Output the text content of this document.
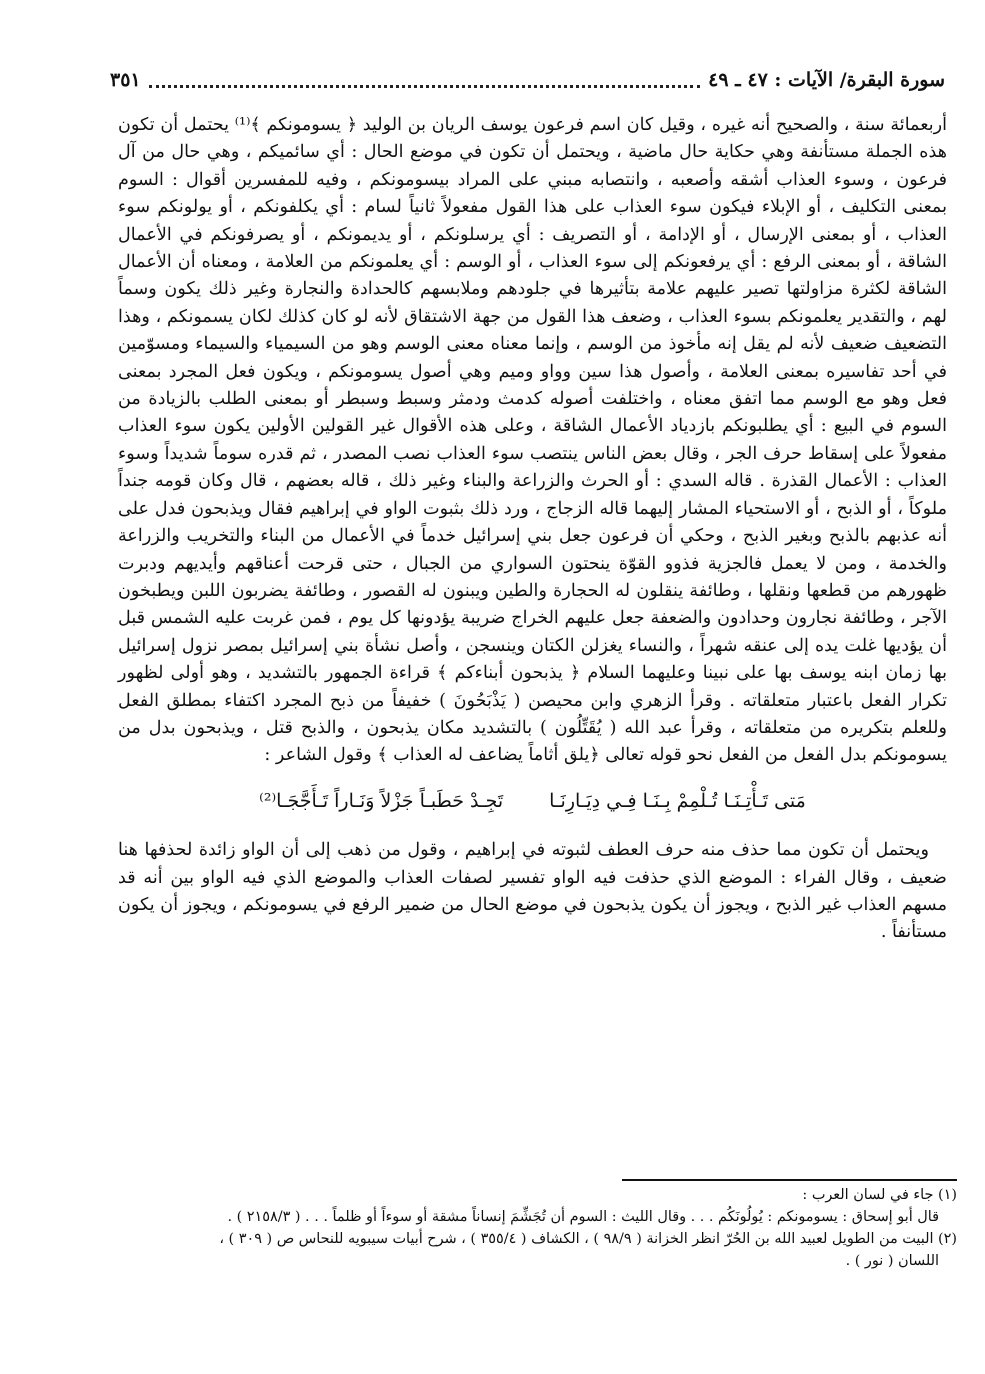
سورة البقرة/ الآيات : ٤٧ ـ ٤٩
٣٥١

أربعمائة سنة ، والصحيح أنه غيره ، وقيل كان اسم فرعون يوسف الريان بن الوليد ﴿ يسومونكم ﴾⁽¹⁾ يحتمل أن تكون هذه الجملة مستأنفة وهي حكاية حال ماضية ، ويحتمل أن تكون في موضع الحال : أي سائميكم ، وهي حال من آل فرعون ، وسوء العذاب أشقه وأصعبه ، وانتصابه مبني على المراد بيسومونكم ، وفيه للمفسرين أقوال : السوم بمعنى التكليف ، أو الإبلاء فيكون سوء العذاب على هذا القول مفعولاً ثانياً لسام : أي يكلفونكم ، أو يولونكم سوء العذاب ، أو بمعنى الإرسال ، أو الإدامة ، أو التصريف : أي يرسلونكم ، أو يديمونكم ، أو يصرفونكم في الأعمال الشاقة ، أو بمعنى الرفع : أي يرفعونكم إلى سوء العذاب ، أو الوسم : أي يعلمونكم من العلامة ، ومعناه أن الأعمال الشاقة لكثرة مزاولتها تصير عليهم علامة بتأثيرها في جلودهم وملابسهم كالحدادة والنجارة وغير ذلك يكون وسماً لهم ، والتقدير يعلمونكم بسوء العذاب ، وضعف هذا القول من جهة الاشتقاق لأنه لو كان كذلك لكان يسمونكم ، وهذا التضعيف ضعيف لأنه لم يقل إنه مأخوذ من الوسم ، وإنما معناه معنى الوسم وهو من السيمياء والسيماء ومسوّمين في أحد تفاسيره بمعنى العلامة ، وأصول هذا سين وواو وميم وهي أصول يسومونكم ، ويكون فعل المجرد بمعنى فعل وهو مع الوسم مما اتفق معناه ، واختلفت أصوله كدمث ودمثر وسبط وسبطر أو بمعنى الطلب بالزيادة من السوم في البيع : أي يطلبونكم بازدياد الأعمال الشاقة ، وعلى هذه الأقوال غير القولين الأولين يكون سوء العذاب مفعولاً على إسقاط حرف الجر ، وقال بعض الناس ينتصب سوء العذاب نصب المصدر ، ثم قدره سوماً شديداً وسوء العذاب : الأعمال القذرة . قاله السدي : أو الحرث والزراعة والبناء وغير ذلك ، قاله بعضهم ، قال وكان قومه جنداً ملوكاً ، أو الذبح ، أو الاستحياء المشار إليهما قاله الزجاج ، ورد ذلك بثبوت الواو في إبراهيم فقال ويذبحون فدل على أنه عذبهم بالذبح وبغير الذبح ، وحكي أن فرعون جعل بني إسرائيل خدماً في الأعمال من البناء والتخريب والزراعة والخدمة ، ومن لا يعمل فالجزية فذوو القوّة ينحتون السواري من الجبال ، حتى قرحت أعناقهم وأيديهم ودبرت ظهورهم من قطعها ونقلها ، وطائفة ينقلون له الحجارة والطين ويبنون له القصور ، وطائفة يضربون اللبن ويطبخون الآجر ، وطائفة نجارون وحدادون والضعفة جعل عليهم الخراج ضريبة يؤدونها كل يوم ، فمن غربت عليه الشمس قبل أن يؤديها غلت يده إلى عنقه شهراً ، والنساء يغزلن الكتان وينسجن ، وأصل نشأة بني إسرائيل بمصر نزول إسرائيل بها زمان ابنه يوسف بها على نبينا وعليهما السلام ﴿ يذبحون أبناءكم ﴾ قراءة الجمهور بالتشديد ، وهو أولى لظهور تكرار الفعل باعتبار متعلقاته . وقرأ الزهري وابن محيصن ( يَذْبَحُونَ ) خفيفاً من ذبح المجرد اكتفاء بمطلق الفعل وللعلم بتكريره من متعلقاته ، وقرأ عبد الله ( يُقَتِّلُون ) بالتشديد مكان يذبحون ، والذبح قتل ، ويذبحون بدل من يسومونكم بدل الفعل من الفعل نحو قوله تعالى ﴿يلق أثاماً يضاعف له العذاب ﴾ وقول الشاعر :

مَتى تَـأْتِـنَـا تُـلْمِمْ بِـنَـا فِـي دِيَـارِنَـا تَجِـدْ حَطَبـاً جَزْلاً وَنَـاراً تَـأَجَّجَـا⁽²⁾

ويحتمل أن تكون مما حذف منه حرف العطف لثبوته في إبراهيم ، وقول من ذهب إلى أن الواو زائدة لحذفها هنا ضعيف ، وقال الفراء : الموضع الذي حذفت فيه الواو تفسير لصفات العذاب والموضع الذي فيه الواو بين أنه قد مسهم العذاب غير الذبح ، ويجوز أن يكون يذبحون في موضع الحال من ضمير الرفع في يسومونكم ، ويجوز أن يكون مستأنفاً .

(١) جاء في لسان العرب :

قال أبو إسحاق : يسومونكم : يُولُونَكُم . . . وقال الليث : السوم أن تُجَشِّمَ إنساناً مشقة أو سوءاً أو ظلماً . . . ( ٢١٥٨/٣ ) .

(٢) البيت من الطويل لعبيد الله بن الحُرّ انظر الخزانة ( ٩٨/٩ ) ، الكشاف ( ٣٥٥/٤ ) ، شرح أبيات سيبويه للنحاس ص ( ٣٠٩ ) ،

اللسان ( نور ) .
